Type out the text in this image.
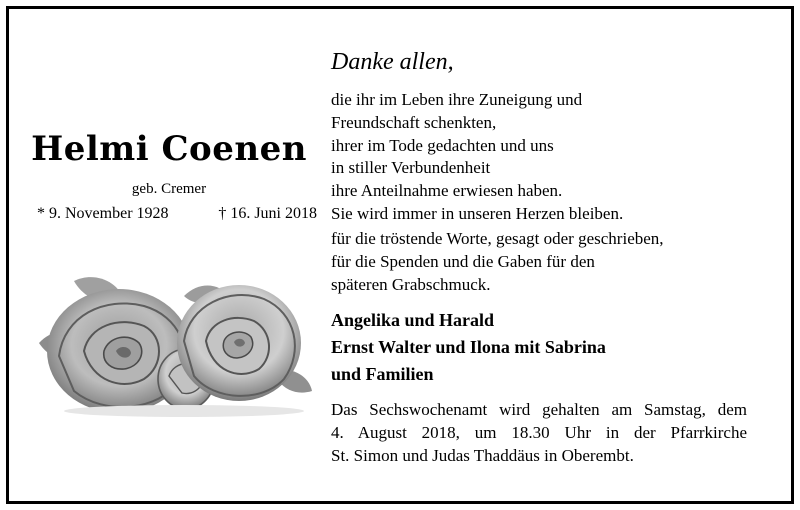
Helmi Coenen
geb. Cremer
* 9. November 1928	† 16. Juni 2018
Danke allen,
die ihr im Leben ihre Zuneigung und
Freundschaft schenkten,
ihrer im Tode gedachten und uns
in stiller Verbundenheit
ihre Anteilnahme erwiesen haben.
Sie wird immer in unseren Herzen bleiben.
für die tröstende Worte, gesagt oder geschrieben,
für die Spenden und die Gaben für den
späteren Grabschmuck.
Angelika und Harald
Ernst Walter und Ilona mit Sabrina
und Familien
Das Sechswochenamt wird gehalten am Samstag, dem
4. August 2018, um 18.30 Uhr in der Pfarrkirche
St. Simon und Judas Thaddäus in Oberembt.
